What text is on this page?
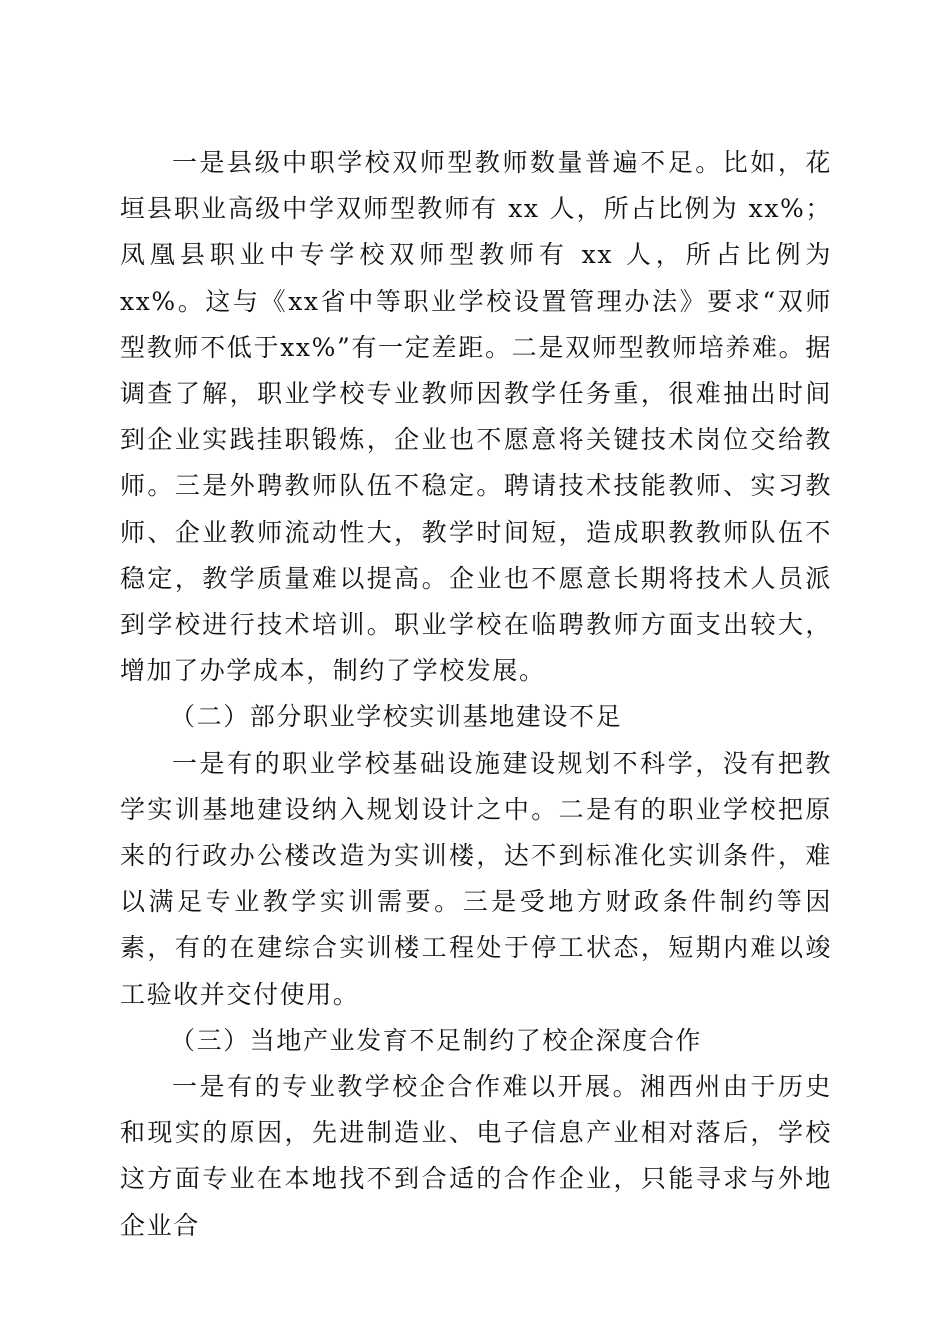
一是县级中职学校双师型教师数量普遍不足。比如，花垣县职业高级中学双师型教师有 xx 人，所占比例为 xx%；凤凰县职业中专学校双师型教师有 xx 人，所占比例为 xx%。这与《xx省中等职业学校设置管理办法》要求“双师型教师不低于xx%”有一定差距。二是双师型教师培养难。据调查了解，职业学校专业教师因教学任务重，很难抽出时间到企业实践挂职锻炼，企业也不愿意将关键技术岗位交给教师。三是外聘教师队伍不稳定。聘请技术技能教师、实习教师、企业教师流动性大，教学时间短，造成职教教师队伍不稳定，教学质量难以提高。企业也不愿意长期将技术人员派到学校进行技术培训。职业学校在临聘教师方面支出较大，增加了办学成本，制约了学校发展。

（二）部分职业学校实训基地建设不足

一是有的职业学校基础设施建设规划不科学，没有把教学实训基地建设纳入规划设计之中。二是有的职业学校把原来的行政办公楼改造为实训楼，达不到标准化实训条件，难以满足专业教学实训需要。三是受地方财政条件制约等因素，有的在建综合实训楼工程处于停工状态，短期内难以竣工验收并交付使用。

（三）当地产业发育不足制约了校企深度合作

一是有的专业教学校企合作难以开展。湘西州由于历史和现实的原因，先进制造业、电子信息产业相对落后，学校这方面专业在本地找不到合适的合作企业，只能寻求与外地企业合
